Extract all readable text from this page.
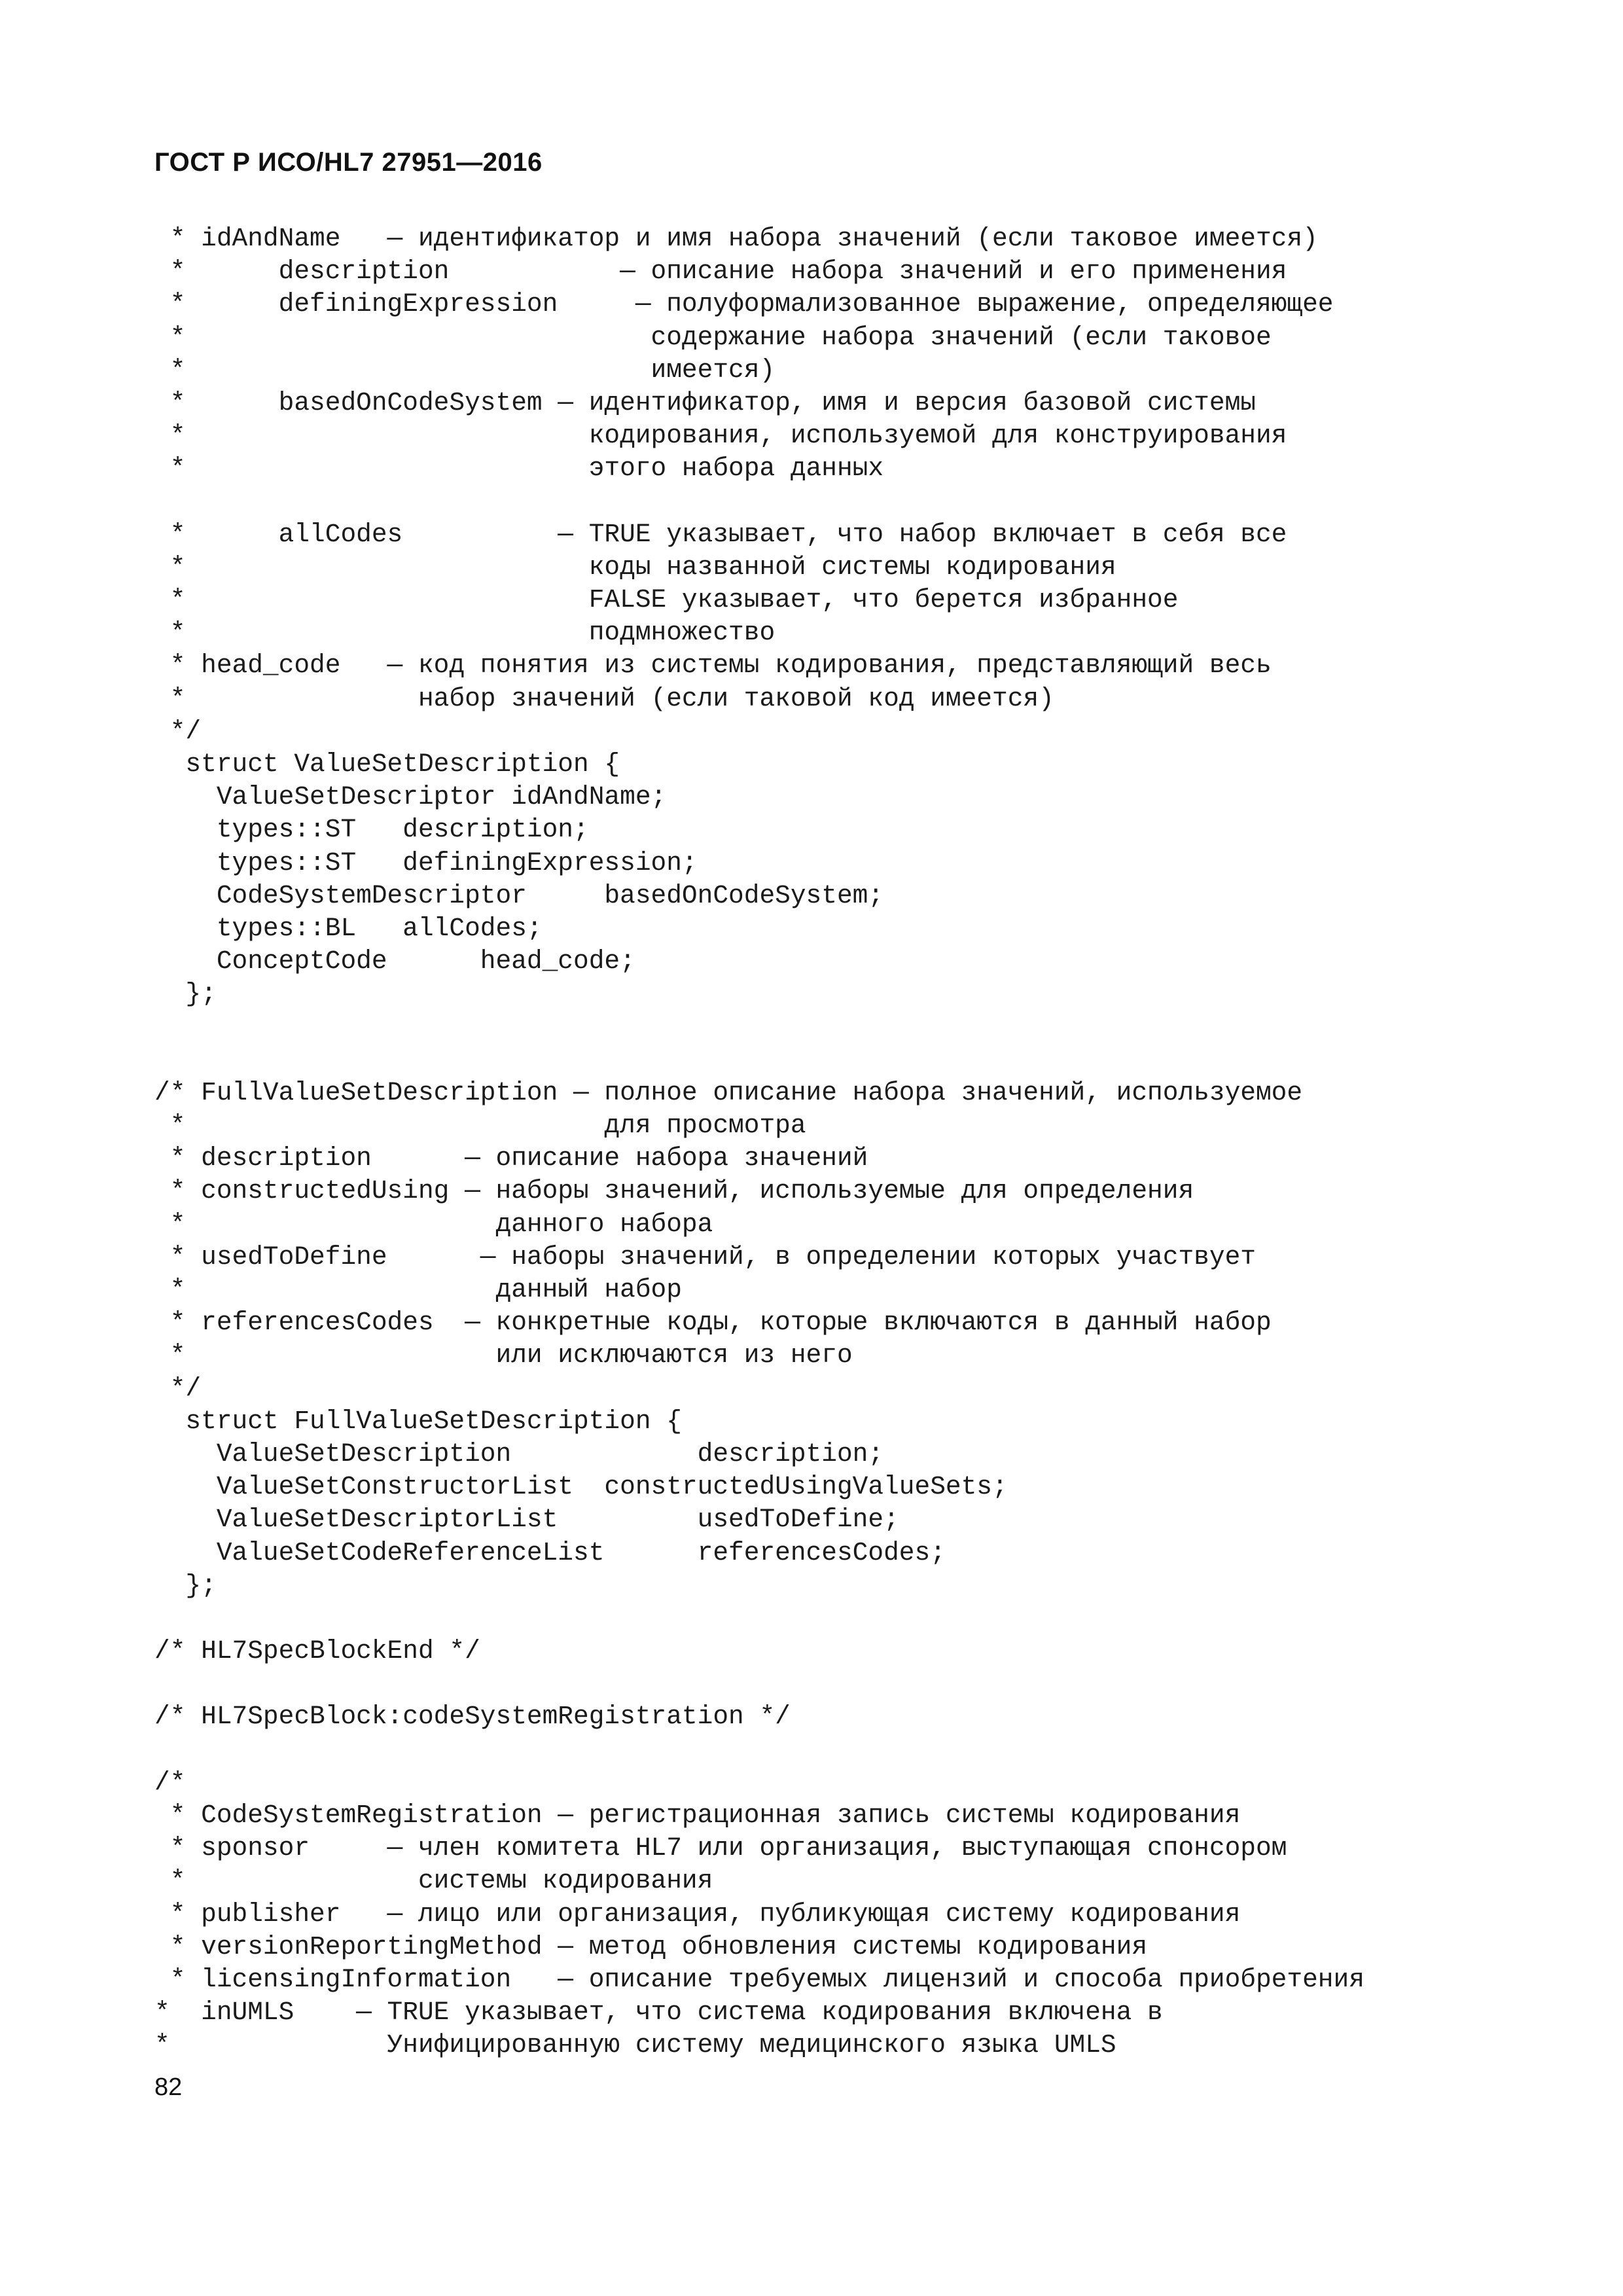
ГОСТ Р ИСО/HL7 27951—2016
* idAndName   — идентификатор и имя набора значений (если таковое имеется)
*      description           — описание набора значений и его применения
*      definingExpression     — полуформализованное выражение, определяющее
*                              содержание набора значений (если таковое
*                              имеется)
*      basedOnCodeSystem — идентификатор, имя и версия базовой системы
*                          кодирования, используемой для конструирования
*                          этого набора данных
*      allCodes          — TRUE указывает, что набор включает в себя все
*                          коды названной системы кодирования
*                          FALSE указывает, что берется избранное
*                          подмножество
* head_code   — код понятия из системы кодирования, представляющий весь
*               набор значений (если таковой код имеется)
*/
struct ValueSetDescription {
ValueSetDescriptor idAndName;
types::ST   description;
types::ST   definingExpression;
CodeSystemDescriptor     basedOnCodeSystem;
types::BL   allCodes;
ConceptCode      head_code;
};
/* FullValueSetDescription — полное описание набора значений, используемое
*                           для просмотра
* description      — описание набора значений
* constructedUsing — наборы значений, используемые для определения
*                    данного набора
* usedToDefine      — наборы значений, в определении которых участвует
*                    данный набор
* referencesCodes  — конкретные коды, которые включаются в данный набор
*                    или исключаются из него
*/
struct FullValueSetDescription {
ValueSetDescription            description;
ValueSetConstructorList  constructedUsingValueSets;
ValueSetDescriptorList         usedToDefine;
ValueSetCodeReferenceList      referencesCodes;
};
/* HL7SpecBlockEnd */
/* HL7SpecBlock:codeSystemRegistration */
/*
* CodeSystemRegistration — регистрационная запись системы кодирования
* sponsor     — член комитета HL7 или организация, выступающая спонсором
*               системы кодирования
* publisher   — лицо или организация, публикующая систему кодирования
* versionReportingMethod — метод обновления системы кодирования
* licensingInformation   — описание требуемых лицензий и способа приобретения
*  inUMLS    — TRUE указывает, что система кодирования включена в
*              Унифицированную систему медицинского языка UMLS
82
